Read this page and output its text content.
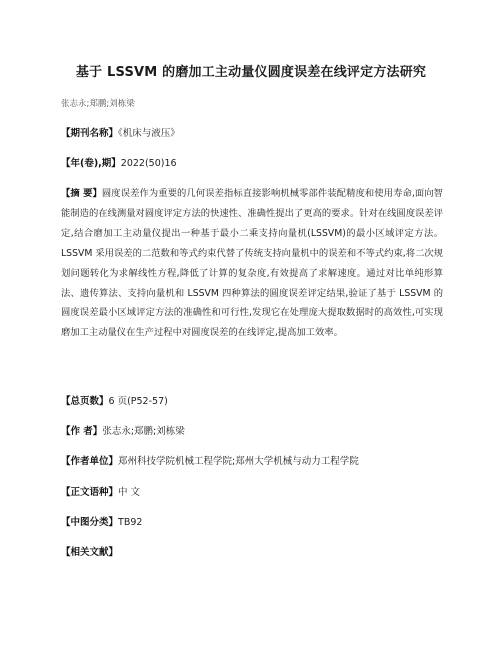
基于 LSSVM 的磨加工主动量仪圆度误差在线评定方法研究
张志永;郑鹏;刘栋梁
【期刊名称】《机床与液压》
【年(卷),期】2022(50)16
【摘 要】圆度误差作为重要的几何误差指标直接影响机械零部件装配精度和使用寿命,面向智能制造的在线测量对圆度评定方法的快速性、准确性提出了更高的要求。针对在线圆度误差评定,结合磨加工主动量仪提出一种基于最小二乘支持向量机(LSSVM)的最小区域评定方法。LSSVM 采用误差的二范数和等式约束代替了传统支持向量机中的误差和不等式约束,将二次规划问题转化为求解线性方程,降低了计算的复杂度,有效提高了求解速度。通过对比单纯形算法、遗传算法、支持向量机和 LSSVM 四种算法的圆度误差评定结果,验证了基于 LSSVM 的圆度误差最小区域评定方法的准确性和可行性,发现它在处理庞大提取数据时的高效性,可实现磨加工主动量仪在生产过程中对圆度误差的在线评定,提高加工效率。
【总页数】6 页(P52-57)
【作 者】张志永;郑鹏;刘栋梁
【作者单位】郑州科技学院机械工程学院;郑州大学机械与动力工程学院
【正文语种】中 文
【中图分类】TB92
【相关文献】
